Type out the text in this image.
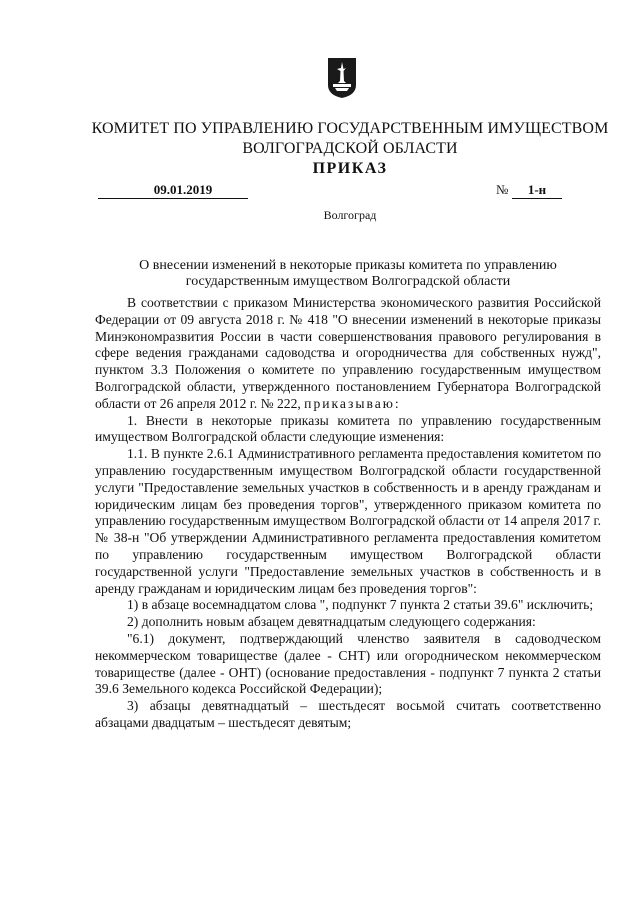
КОМИТЕТ ПО УПРАВЛЕНИЮ ГОСУДАРСТВЕННЫМ ИМУЩЕСТВОМ
ВОЛГОГРАДСКОЙ ОБЛАСТИ
ПРИКАЗ
09.01.2019	№	1-н
Волгоград
О внесении изменений в некоторые приказы комитета по управлению государственным имуществом Волгоградской области

В соответствии с приказом Министерства экономического развития Российской Федерации от 09 августа 2018 г. № 418 "О внесении изменений в некоторые приказы Минэкономразвития России в части совершенствования правового регулирования в сфере ведения гражданами садоводства и огородничества для собственных нужд", пунктом 3.3 Положения о комитете по управлению государственным имуществом Волгоградской области, утвержденного постановлением Губернатора Волгоградской области от 26 апреля 2012 г. № 222, приказываю:

1. Внести в некоторые приказы комитета по управлению государственным имуществом Волгоградской области следующие изменения:

1.1. В пункте 2.6.1 Административного регламента предоставления комитетом по управлению государственным имуществом Волгоградской области государственной услуги "Предоставление земельных участков в собственность и в аренду гражданам и юридическим лицам без проведения торгов", утвержденного приказом комитета по управлению государственным имуществом Волгоградской области от 14 апреля 2017 г. № 38-н "Об утверждении Административного регламента предоставления комитетом по управлению государственным имуществом Волгоградской области государственной услуги "Предоставление земельных участков в собственность и в аренду гражданам и юридическим лицам без проведения торгов":

1) в абзаце восемнадцатом слова ", подпункт 7 пункта 2 статьи 39.6" исключить;

2) дополнить новым абзацем девятнадцатым следующего содержания:

"6.1) документ, подтверждающий членство заявителя в садоводческом некоммерческом товариществе (далее - СНТ) или огородническом некоммерческом товариществе (далее - ОНТ) (основание предоставления - подпункт 7 пункта 2 статьи 39.6 Земельного кодекса Российской Федерации);

3) абзацы девятнадцатый – шестьдесят восьмой считать соответственно абзацами двадцатым – шестьдесят девятым;
